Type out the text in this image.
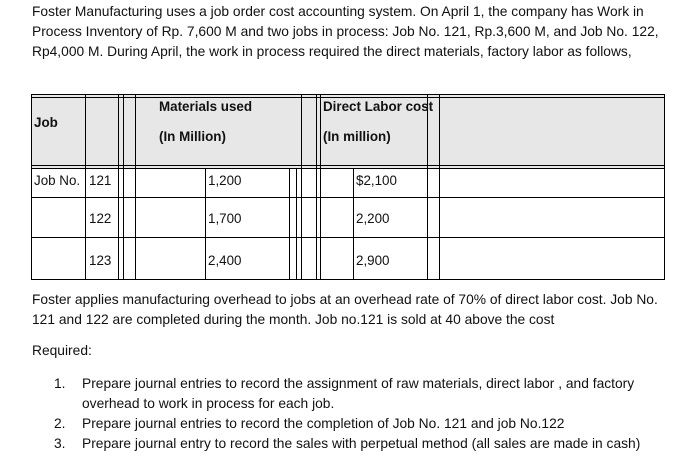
Foster Manufacturing uses a job order cost accounting system. On April 1, the company has Work in Process Inventory of Rp. 7,600 M and two jobs in process: Job No. 121, Rp.3,600 M, and Job No. 122, Rp4,000 M. During April, the work in process required the direct materials, factory labor as follows,

Job
Materials used
(In Million)
Direct Labor cost
(In million)
Job No. 121	1,200	$2,100
122	1,700	2,200
123	2,400	2,900

Foster applies manufacturing overhead to jobs at an overhead rate of 70% of direct labor cost. Job No. 121 and 122 are completed during the month. Job no.121 is sold at 40 above the cost

Required:

1. Prepare journal entries to record the assignment of raw materials, direct labor , and factory overhead to work in process for each job.
2. Prepare journal entries to record the completion of Job No. 121 and job No.122
3. Prepare journal entry to record the sales with perpetual method (all sales are made in cash)
